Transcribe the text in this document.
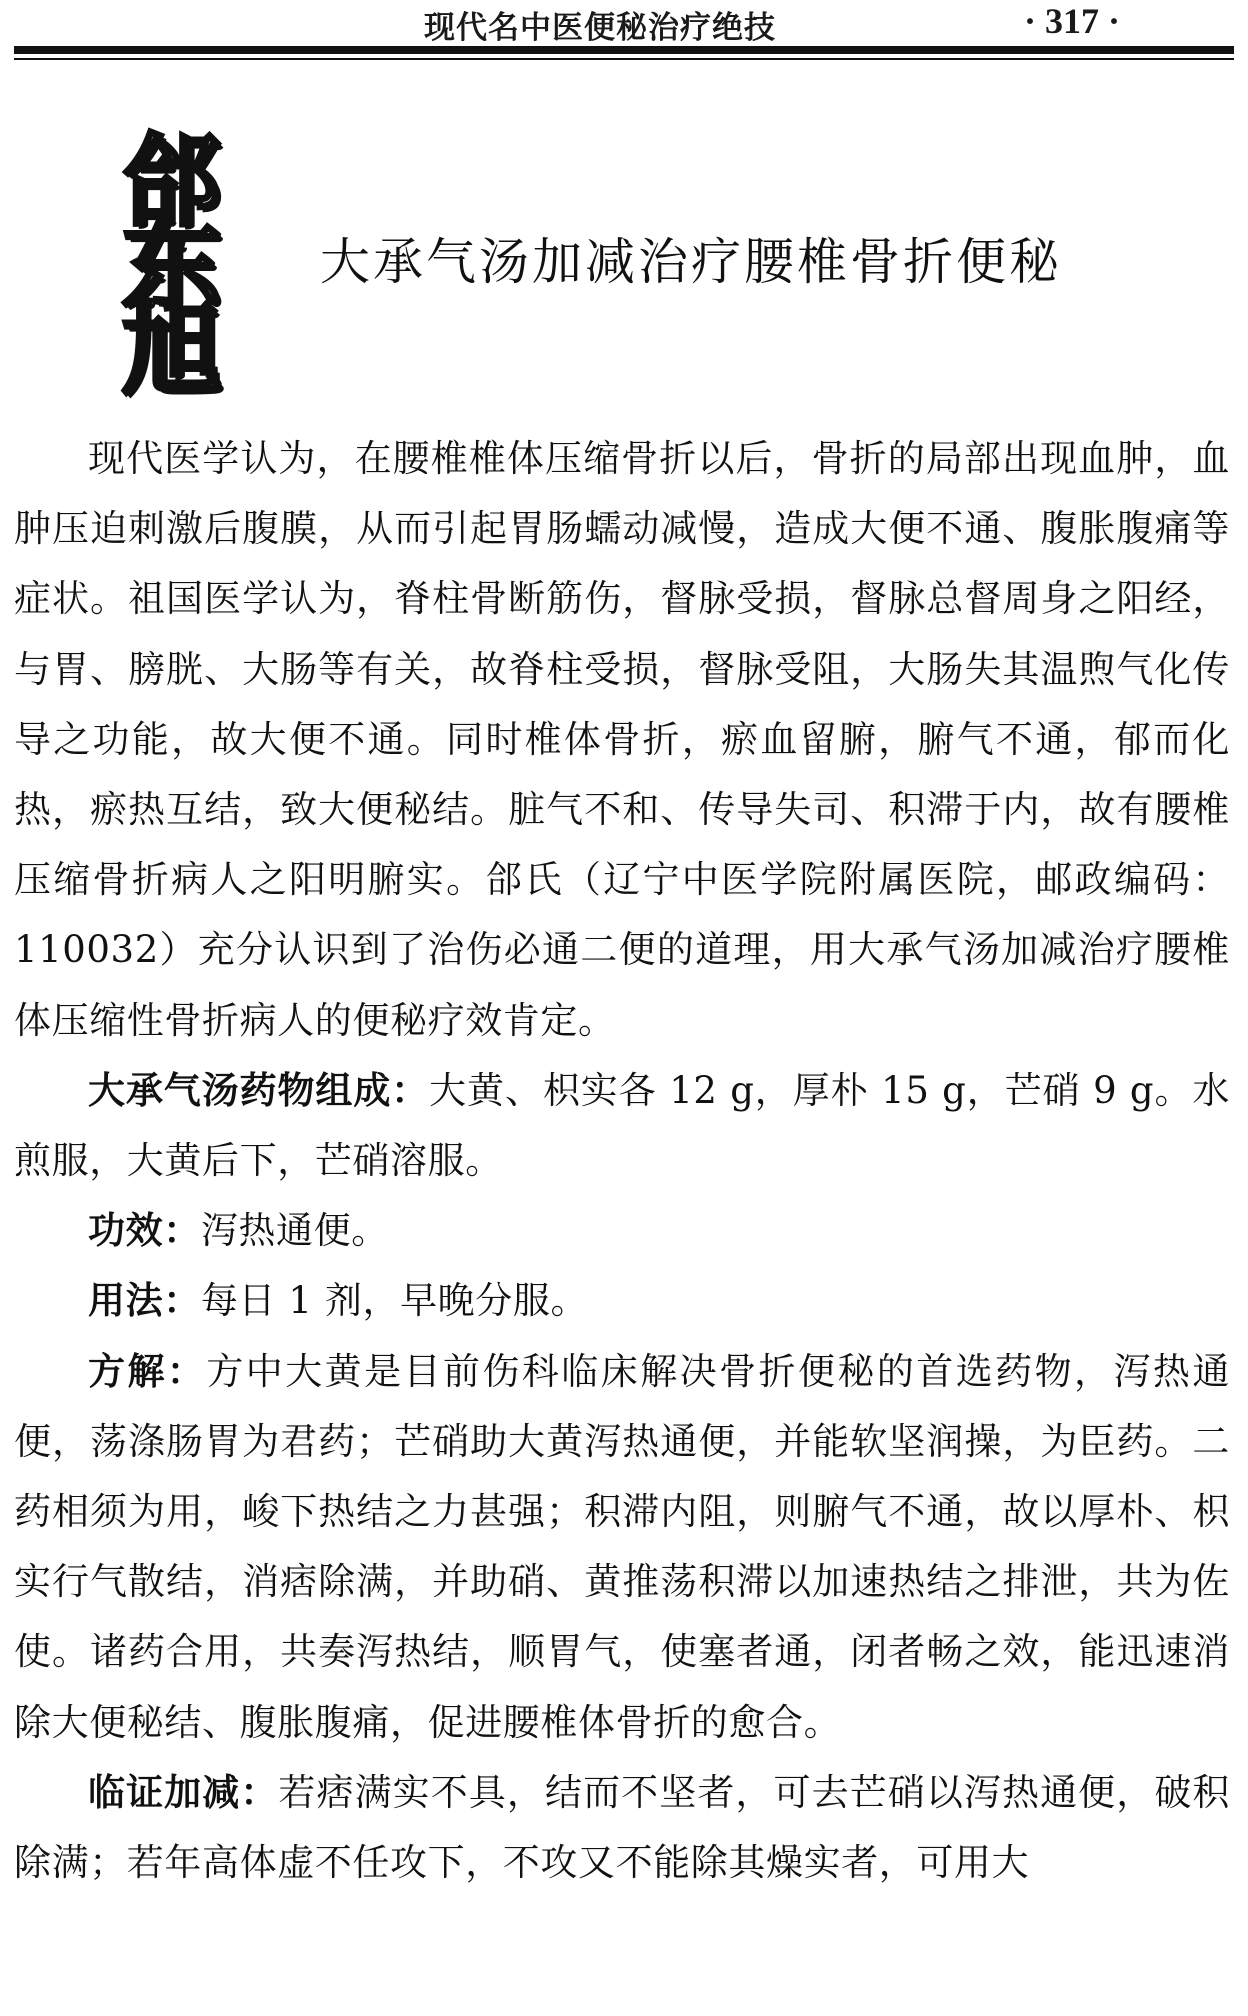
现代名中医便秘治疗绝技	· 317 ·
郃
东
旭
大承气汤加减治疗腰椎骨折便秘

现代医学认为，在腰椎椎体压缩骨折以后，骨折的局部出现血肿，血肿压迫刺激后腹膜，从而引起胃肠蠕动减慢，造成大便不通、腹胀腹痛等症状。祖国医学认为，脊柱骨断筋伤，督脉受损，督脉总督周身之阳经，与胃、膀胱、大肠等有关，故脊柱受损，督脉受阻，大肠失其温煦气化传导之功能，故大便不通。同时椎体骨折，瘀血留腑，腑气不通，郁而化热，瘀热互结，致大便秘结。脏气不和、传导失司、积滞于内，故有腰椎压缩骨折病人之阳明腑实。郃氏（辽宁中医学院附属医院，邮政编码：110032）充分认识到了治伤必通二便的道理，用大承气汤加减治疗腰椎体压缩性骨折病人的便秘疗效肯定。

大承气汤药物组成：大黄、枳实各 12 g，厚朴 15 g，芒硝 9 g。水煎服，大黄后下，芒硝溶服。

功效：泻热通便。

用法：每日 1 剂，早晚分服。

方解：方中大黄是目前伤科临床解决骨折便秘的首选药物，泻热通便，荡涤肠胃为君药；芒硝助大黄泻热通便，并能软坚润操，为臣药。二药相须为用，峻下热结之力甚强；积滞内阻，则腑气不通，故以厚朴、枳实行气散结，消痞除满，并助硝、黄推荡积滞以加速热结之排泄，共为佐使。诸药合用，共奏泻热结，顺胃气，使塞者通，闭者畅之效，能迅速消除大便秘结、腹胀腹痛，促进腰椎体骨折的愈合。

临证加减：若痞满实不具，结而不坚者，可去芒硝以泻热通便，破积除满；若年高体虚不任攻下，不攻又不能除其燥实者，可用大
